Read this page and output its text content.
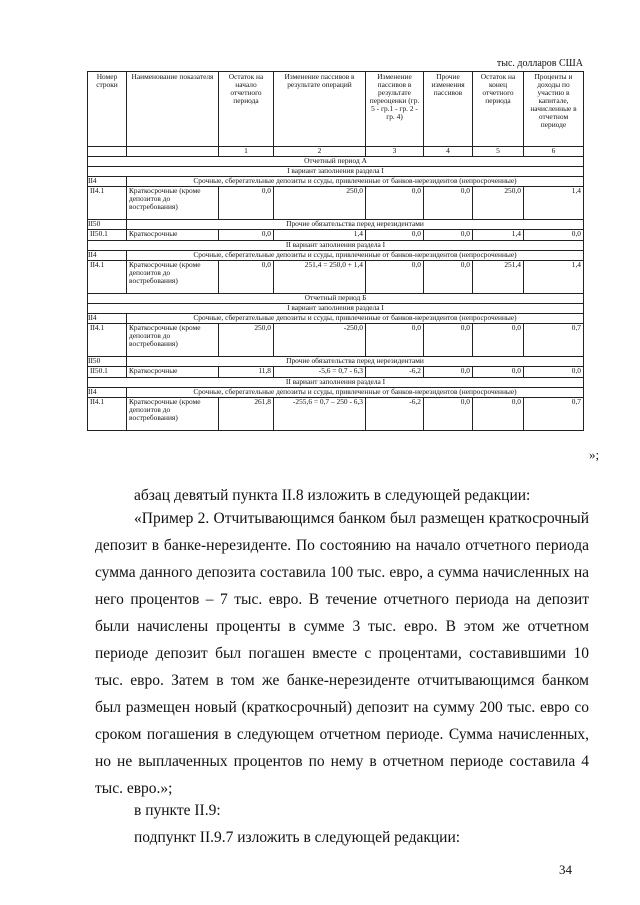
тыс. долларов США
Номер строки	Наименование показателя	Остаток на начало отчетного периода	Изменение пассивов в результате операций	Изменение пассивов в результате переоценки (гр. 5 - гр.1 - гр. 2 - гр. 4)	Прочие изменения пассивов	Остаток на конец отчетного периода	Проценты и доходы по участию в капитале, начисленные в отчетном периоде
		1	2	3	4	5	6
Отчетный период А							
I вариант заполнения раздела I							
II4	Срочные, сберегательные депозиты и ссуды, привлеченные от банков-нерезидентов (непросроченные)						
II4.1	Краткосрочные (кроме депозитов до востребования)	0,0	250,0	0,0	0,0	250,0	1,4
II50	Прочие обязательства перед нерезидентами						
II50.1	Краткосрочные	0,0	1,4	0,0	0,0	1,4	0,0
II вариант заполнения раздела I							
II4	Срочные, сберегательные депозиты и ссуды, привлеченные от банков-нерезидентов (непросроченные)						
II4.1	Краткосрочные (кроме депозитов до востребования)	0,0	251,4 = 250,0 + 1,4	0,0	0,0	251,4	1,4
Отчетный период Б							
I вариант заполнения раздела I							
II4	Срочные, сберегательные депозиты и ссуды, привлеченные от банков-нерезидентов (непросроченные)						
II4.1	Краткосрочные (кроме депозитов до востребования)	250,0	-250,0	0,0	0,0	0,0	0,7
II50	Прочие обязательства перед нерезидентами						
II50.1	Краткосрочные	11,8	-5,6 = 0,7 - 6,3	-6,2	0,0	0,0	0,0
II вариант заполнения раздела I							
II4	Срочные, сберегательные депозиты и ссуды, привлеченные от банков-нерезидентов (непросроченные)						
II4.1	Краткосрочные (кроме депозитов до востребования)	261,8	-255,6 = 0,7 – 250 - 6,3	-6,2	0,0	0,0	0,7
»;
абзац девятый пункта II.8 изложить в следующей редакции:
«Пример 2. Отчитывающимся банком был размещен краткосрочный депозит в банке-нерезиденте. По состоянию на начало отчетного периода сумма данного депозита составила 100 тыс. евро, а сумма начисленных на него процентов – 7 тыс. евро. В течение отчетного периода на депозит были начислены проценты в сумме 3 тыс. евро. В этом же отчетном периоде депозит был погашен вместе с процентами, составившими 10 тыс. евро. Затем в том же банке-нерезиденте отчитывающимся банком был размещен новый (краткосрочный) депозит на сумму 200 тыс. евро со сроком погашения в следующем отчетном периоде. Сумма начисленных, но не выплаченных процентов по нему в отчетном периоде составила 4 тыс. евро.»;
в пункте II.9:
подпункт II.9.7 изложить в следующей редакции:
34
